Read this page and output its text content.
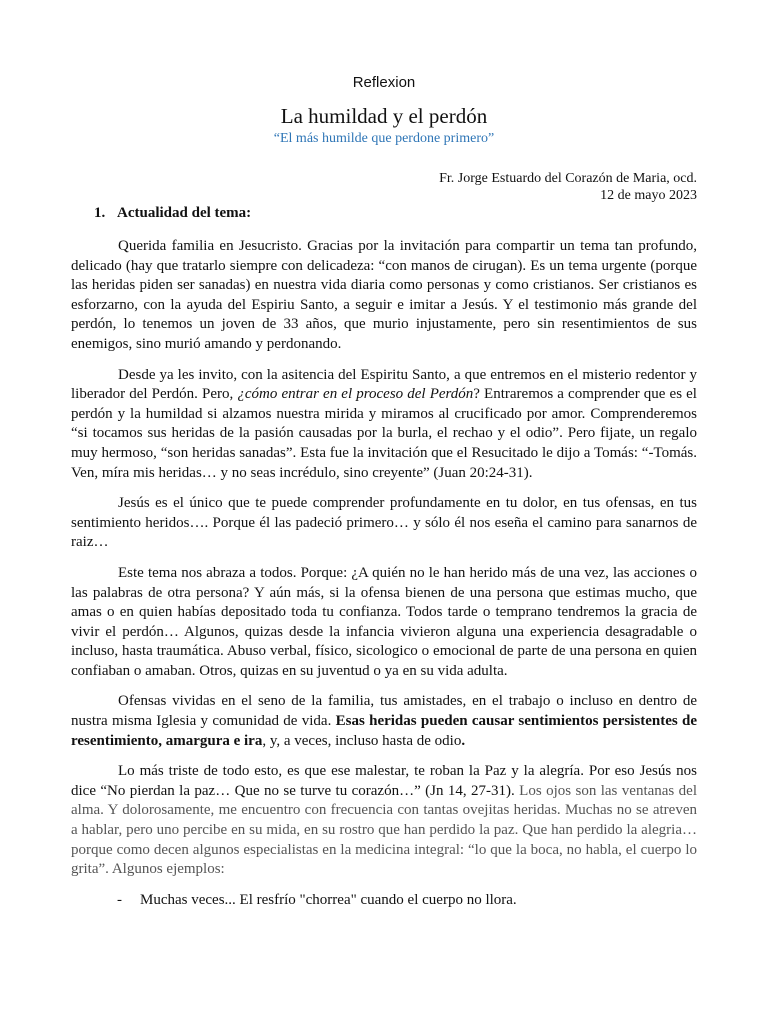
Reflexion
La humildad y el perdón
“El más humilde que perdone primero”
Fr. Jorge Estuardo del Corazón de Maria, ocd.
12 de mayo 2023
1. Actualidad del tema:

Querida familia en Jesucristo. Gracias por la invitación para compartir un tema tan profundo, delicado (hay que tratarlo siempre con delicadeza: “con manos de cirugan). Es un tema urgente (porque las heridas piden ser sanadas) en nuestra vida diaria como personas y como cristianos. Ser cristianos es esforzarno, con la ayuda del Espiriu Santo, a seguir e imitar a Jesús. Y el testimonio más grande del perdón, lo tenemos un joven de 33 años, que murio injustamente, pero sin resentimientos de sus enemigos, sino murió amando y perdonando.

Desde ya les invito, con la asitencia del Espiritu Santo, a que entremos en el misterio redentor y liberador del Perdón. Pero, ¿cómo entrar en el proceso del Perdón? Entraremos a comprender que es el perdón y la humildad si alzamos nuestra mirida y miramos al crucificado por amor. Comprenderemos “si tocamos sus heridas de la pasión causadas por la burla, el rechao y el odio”. Pero fijate, un regalo muy hermoso, “son heridas sanadas”. Esta fue la invitación que el Resucitado le dijo a Tomás: “-Tomás. Ven, míra mis heridas… y no seas incrédulo, sino creyente” (Juan 20:24-31).

Jesús es el único que te puede comprender profundamente en tu dolor, en tus ofensas, en tus sentimiento heridos…. Porque él las padeció primero… y sólo él nos eseña el camino para sanarnos de raiz…

Este tema nos abraza a todos. Porque: ¿A quién no le han herido más de una vez, las acciones o las palabras de otra persona? Y aún más, si la ofensa bienen de una persona que estimas mucho, que amas o en quien habías depositado toda tu confianza. Todos tarde o temprano tendremos la gracia de vivir el perdón… Algunos, quizas desde la infancia vivieron alguna una experiencia desagradable o incluso, hasta traumática. Abuso verbal, físico, sicologico o emocional de parte de una persona en quien confiaban o amaban. Otros, quizas en su juventud o ya en su vida adulta.

Ofensas vividas en el seno de la familia, tus amistades, en el trabajo o incluso en dentro de nustra misma Iglesia y comunidad de vida. Esas heridas pueden causar sentimientos persistentes de resentimiento, amargura e ira, y, a veces, incluso hasta de odio.

Lo más triste de todo esto, es que ese malestar, te roban la Paz y la alegría. Por eso Jesús nos dice “No pierdan la paz… Que no se turve tu corazón…” (Jn 14, 27-31). Los ojos son las ventanas del alma. Y dolorosamente, me encuentro con frecuencia con tantas ovejitas heridas. Muchas no se atreven a hablar, pero uno percibe en su mida, en su rostro que han perdido la paz. Que han perdido la alegria… porque como decen algunos especialistas en la medicina integral: “lo que la boca, no habla, el cuerpo lo grita”. Algunos ejemplos:

- Muchas veces... El resfrío "chorrea" cuando el cuerpo no llora.
